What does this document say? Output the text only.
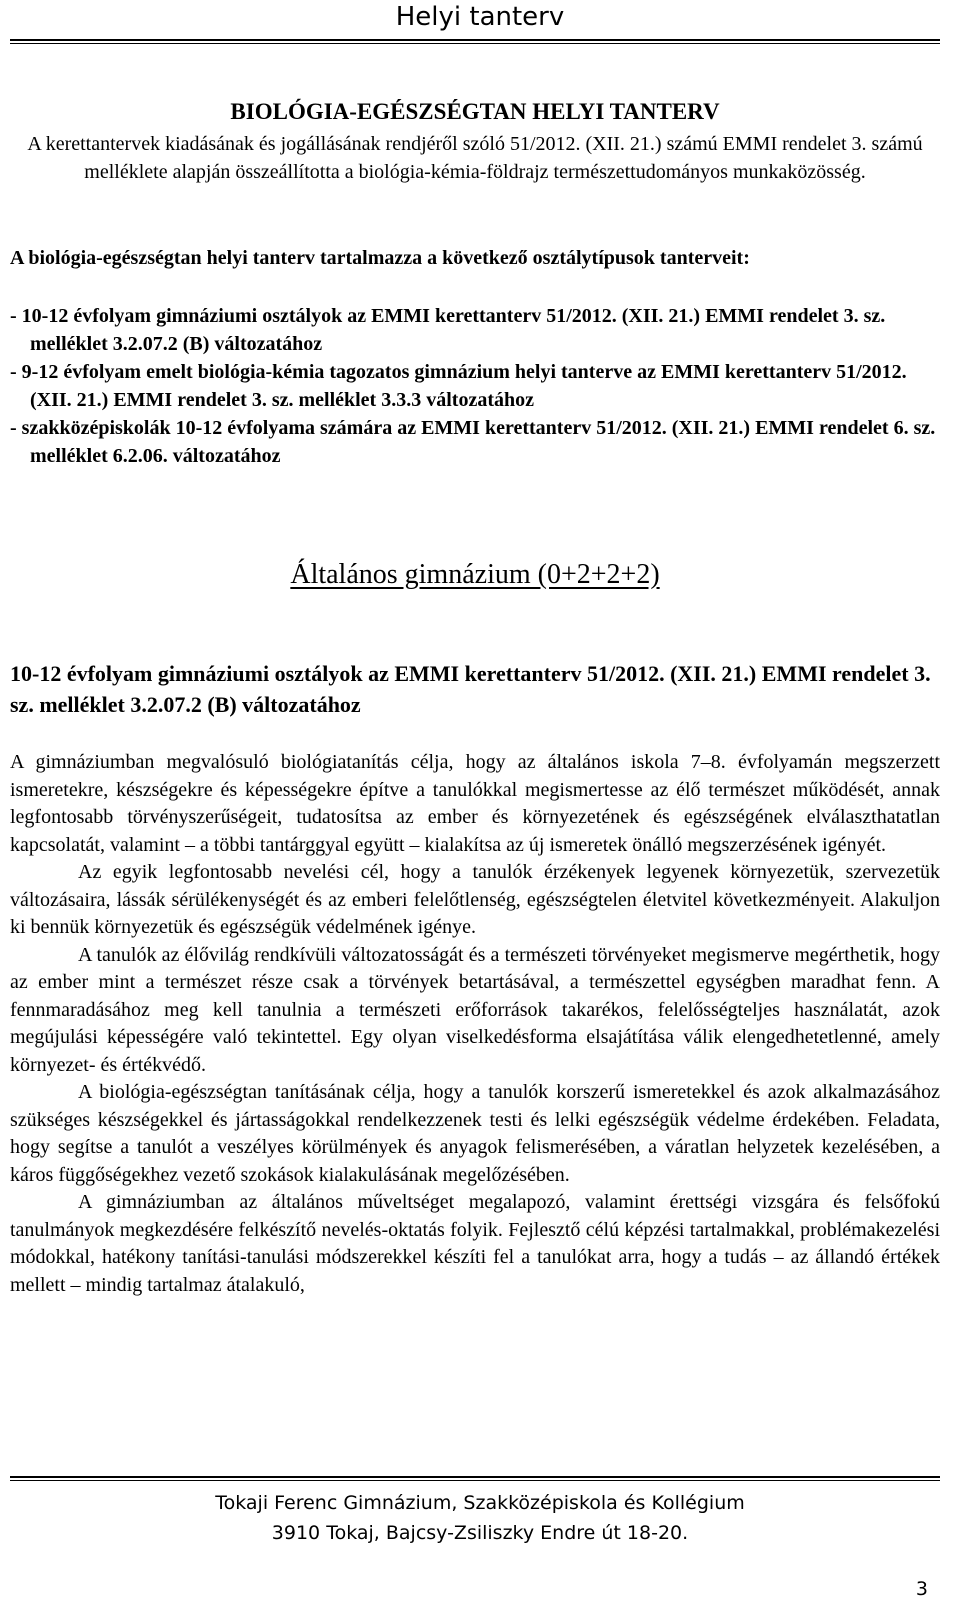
Helyi tanterv
BIOLÓGIA-EGÉSZSÉGTAN HELYI TANTERV
A kerettantervek kiadásának és jogállásának rendjéről szóló 51/2012. (XII. 21.) számú EMMI rendelet 3. számú melléklete alapján összeállította a biológia-kémia-földrajz természettudományos munkaközösség.
A biológia-egészségtan helyi tanterv tartalmazza a következő osztálytípusok tanterveit:
- 10-12 évfolyam gimnáziumi osztályok az EMMI kerettanterv 51/2012. (XII. 21.) EMMI rendelet 3. sz. melléklet 3.2.07.2 (B) változatához
- 9-12 évfolyam emelt biológia-kémia tagozatos gimnázium helyi tanterve az EMMI kerettanterv 51/2012. (XII. 21.) EMMI rendelet 3. sz. melléklet 3.3.3 változatához
- szakközépiskolák 10-12 évfolyama számára az EMMI kerettanterv 51/2012. (XII. 21.) EMMI rendelet 6. sz. melléklet 6.2.06. változatához
Általános gimnázium (0+2+2+2)
10-12 évfolyam gimnáziumi osztályok az EMMI kerettanterv 51/2012. (XII. 21.) EMMI rendelet 3. sz. melléklet 3.2.07.2 (B) változatához

A gimnáziumban megvalósuló biológiatanítás célja, hogy az általános iskola 7–8. évfolyamán megszerzett ismeretekre, készségekre és képességekre építve a tanulókkal megismertesse az élő természet működését, annak legfontosabb törvényszerűségeit, tudatosítsa az ember és környezetének és egészségének elválaszthatatlan kapcsolatát, valamint – a többi tantárggyal együtt – kialakítsa az új ismeretek önálló megszerzésének igényét.

Az egyik legfontosabb nevelési cél, hogy a tanulók érzékenyek legyenek környezetük, szervezetük változásaira, lássák sérülékenységét és az emberi felelőtlenség, egészségtelen életvitel következményeit. Alakuljon ki bennük környezetük és egészségük védelmének igénye.

A tanulók az élővilág rendkívüli változatosságát és a természeti törvényeket megismerve megérthetik, hogy az ember mint a természet része csak a törvények betartásával, a természettel egységben maradhat fenn. A fennmaradásához meg kell tanulnia a természeti erőforrások takarékos, felelősségteljes használatát, azok megújulási képességére való tekintettel. Egy olyan viselkedésforma elsajátítása válik elengedhetetlenné, amely környezet- és értékvédő.

A biológia-egészségtan tanításának célja, hogy a tanulók korszerű ismeretekkel és azok alkalmazásához szükséges készségekkel és jártasságokkal rendelkezzenek testi és lelki egészségük védelme érdekében. Feladata, hogy segítse a tanulót a veszélyes körülmények és anyagok felismerésében, a váratlan helyzetek kezelésében, a káros függőségekhez vezető szokások kialakulásának megelőzésében.

A gimnáziumban az általános műveltséget megalapozó, valamint érettségi vizsgára és felsőfokú tanulmányok megkezdésére felkészítő nevelés-oktatás folyik. Fejlesztő célú képzési tartalmakkal, problémakezelési módokkal, hatékony tanítási-tanulási módszerekkel készíti fel a tanulókat arra, hogy a tudás – az állandó értékek mellett – mindig tartalmaz átalakuló,

Tokaji Ferenc Gimnázium, Szakközépiskola és Kollégium
3910 Tokaj, Bajcsy-Zsiliszky Endre út 18-20.
3
